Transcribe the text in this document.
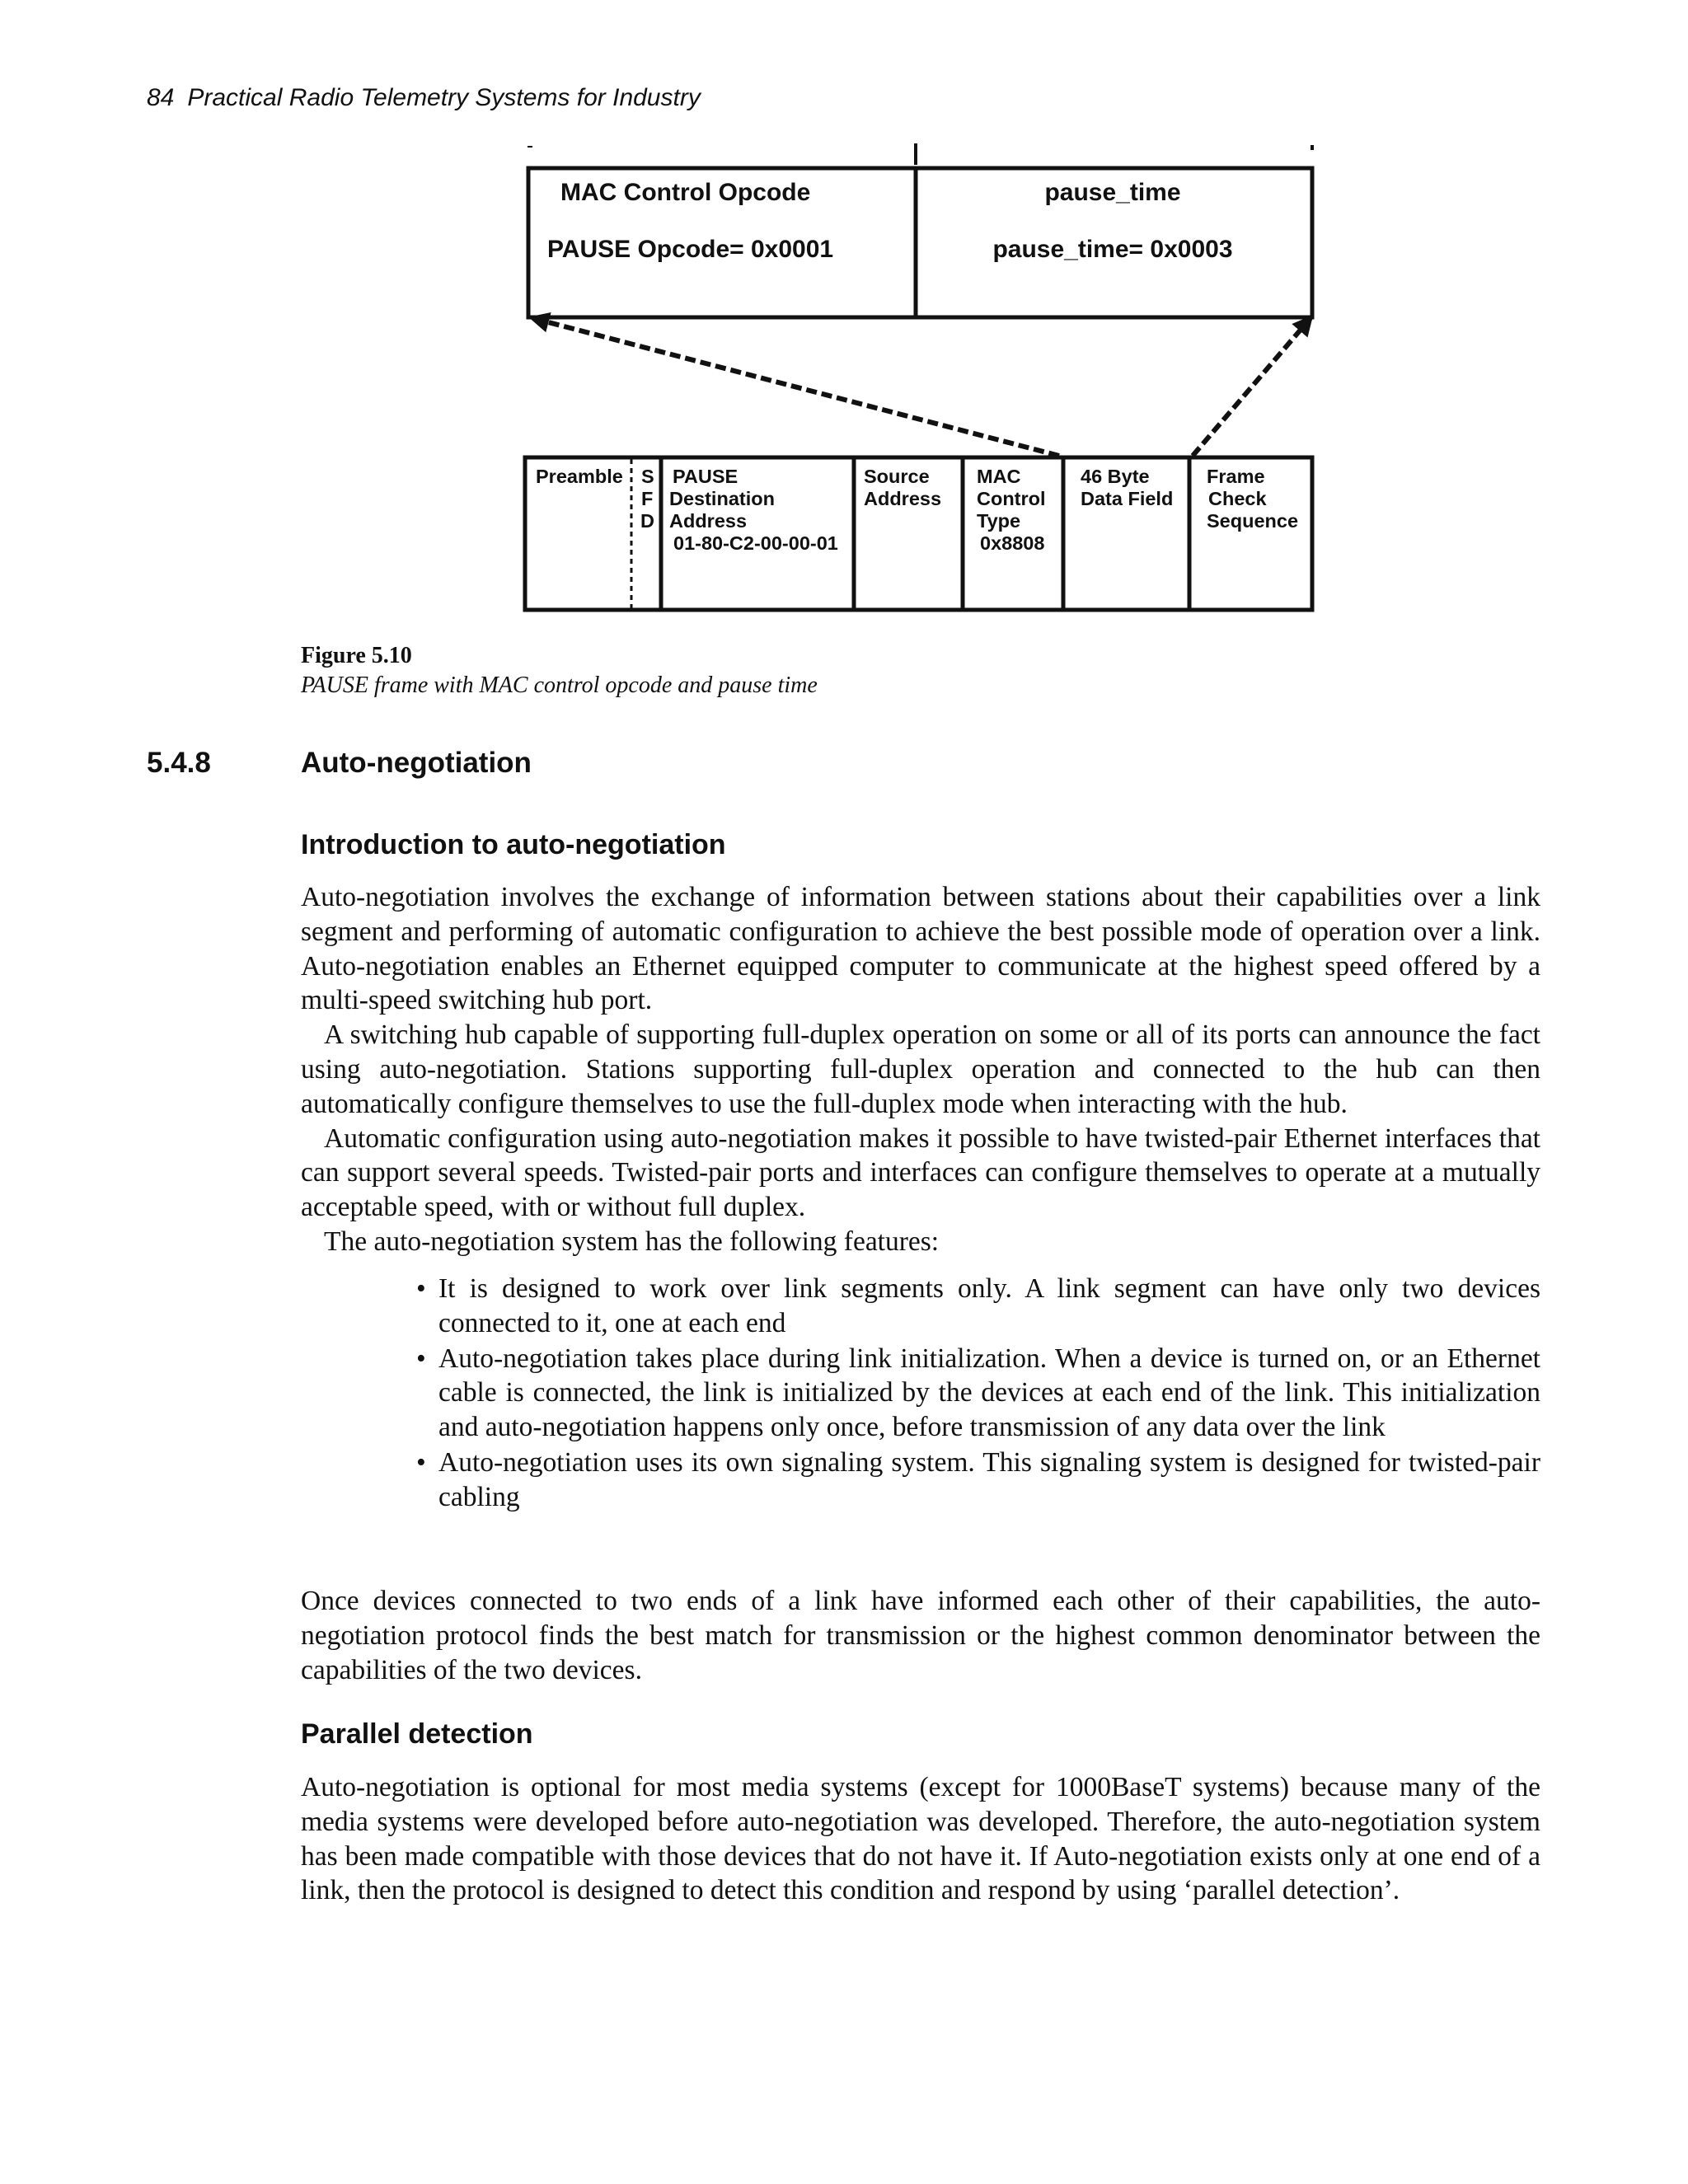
84 Practical Radio Telemetry Systems for Industry
MAC Control Opcode
PAUSE Opcode= 0x0001
pause_time
pause_time= 0x0003
Preamble S
F
D
PAUSE
Destination
Address
01-80-C2-00-00-01
Source
Address
MAC
Control
Type
0x8808
46 Byte
Data Field
Frame
Check
Sequence
Figure 5.10
PAUSE frame with MAC control opcode and pause time
5.4.8	Auto-negotiation
Introduction to auto-negotiation

Auto-negotiation involves the exchange of information between stations about their capabilities over a link segment and performing of automatic configuration to achieve the best possible mode of operation over a link. Auto-negotiation enables an Ethernet equipped computer to communicate at the highest speed offered by a multi-speed switching hub port.

A switching hub capable of supporting full-duplex operation on some or all of its ports can announce the fact using auto-negotiation. Stations supporting full-duplex operation and connected to the hub can then automatically configure themselves to use the full-duplex mode when interacting with the hub.

Automatic configuration using auto-negotiation makes it possible to have twisted-pair Ethernet interfaces that can support several speeds. Twisted-pair ports and interfaces can configure themselves to operate at a mutually acceptable speed, with or without full duplex.

The auto-negotiation system has the following features:

• It is designed to work over link segments only. A link segment can have only two devices connected to it, one at each end
• Auto-negotiation takes place during link initialization. When a device is turned on, or an Ethernet cable is connected, the link is initialized by the devices at each end of the link. This initialization and auto-negotiation happens only once, before transmission of any data over the link
• Auto-negotiation uses its own signaling system. This signaling system is designed for twisted-pair cabling

Once devices connected to two ends of a link have informed each other of their capabilities, the auto-negotiation protocol finds the best match for transmission or the highest common denominator between the capabilities of the two devices.

Parallel detection

Auto-negotiation is optional for most media systems (except for 1000BaseT systems) because many of the media systems were developed before auto-negotiation was developed. Therefore, the auto-negotiation system has been made compatible with those devices that do not have it. If Auto-negotiation exists only at one end of a link, then the protocol is designed to detect this condition and respond by using ‘parallel detection’.
